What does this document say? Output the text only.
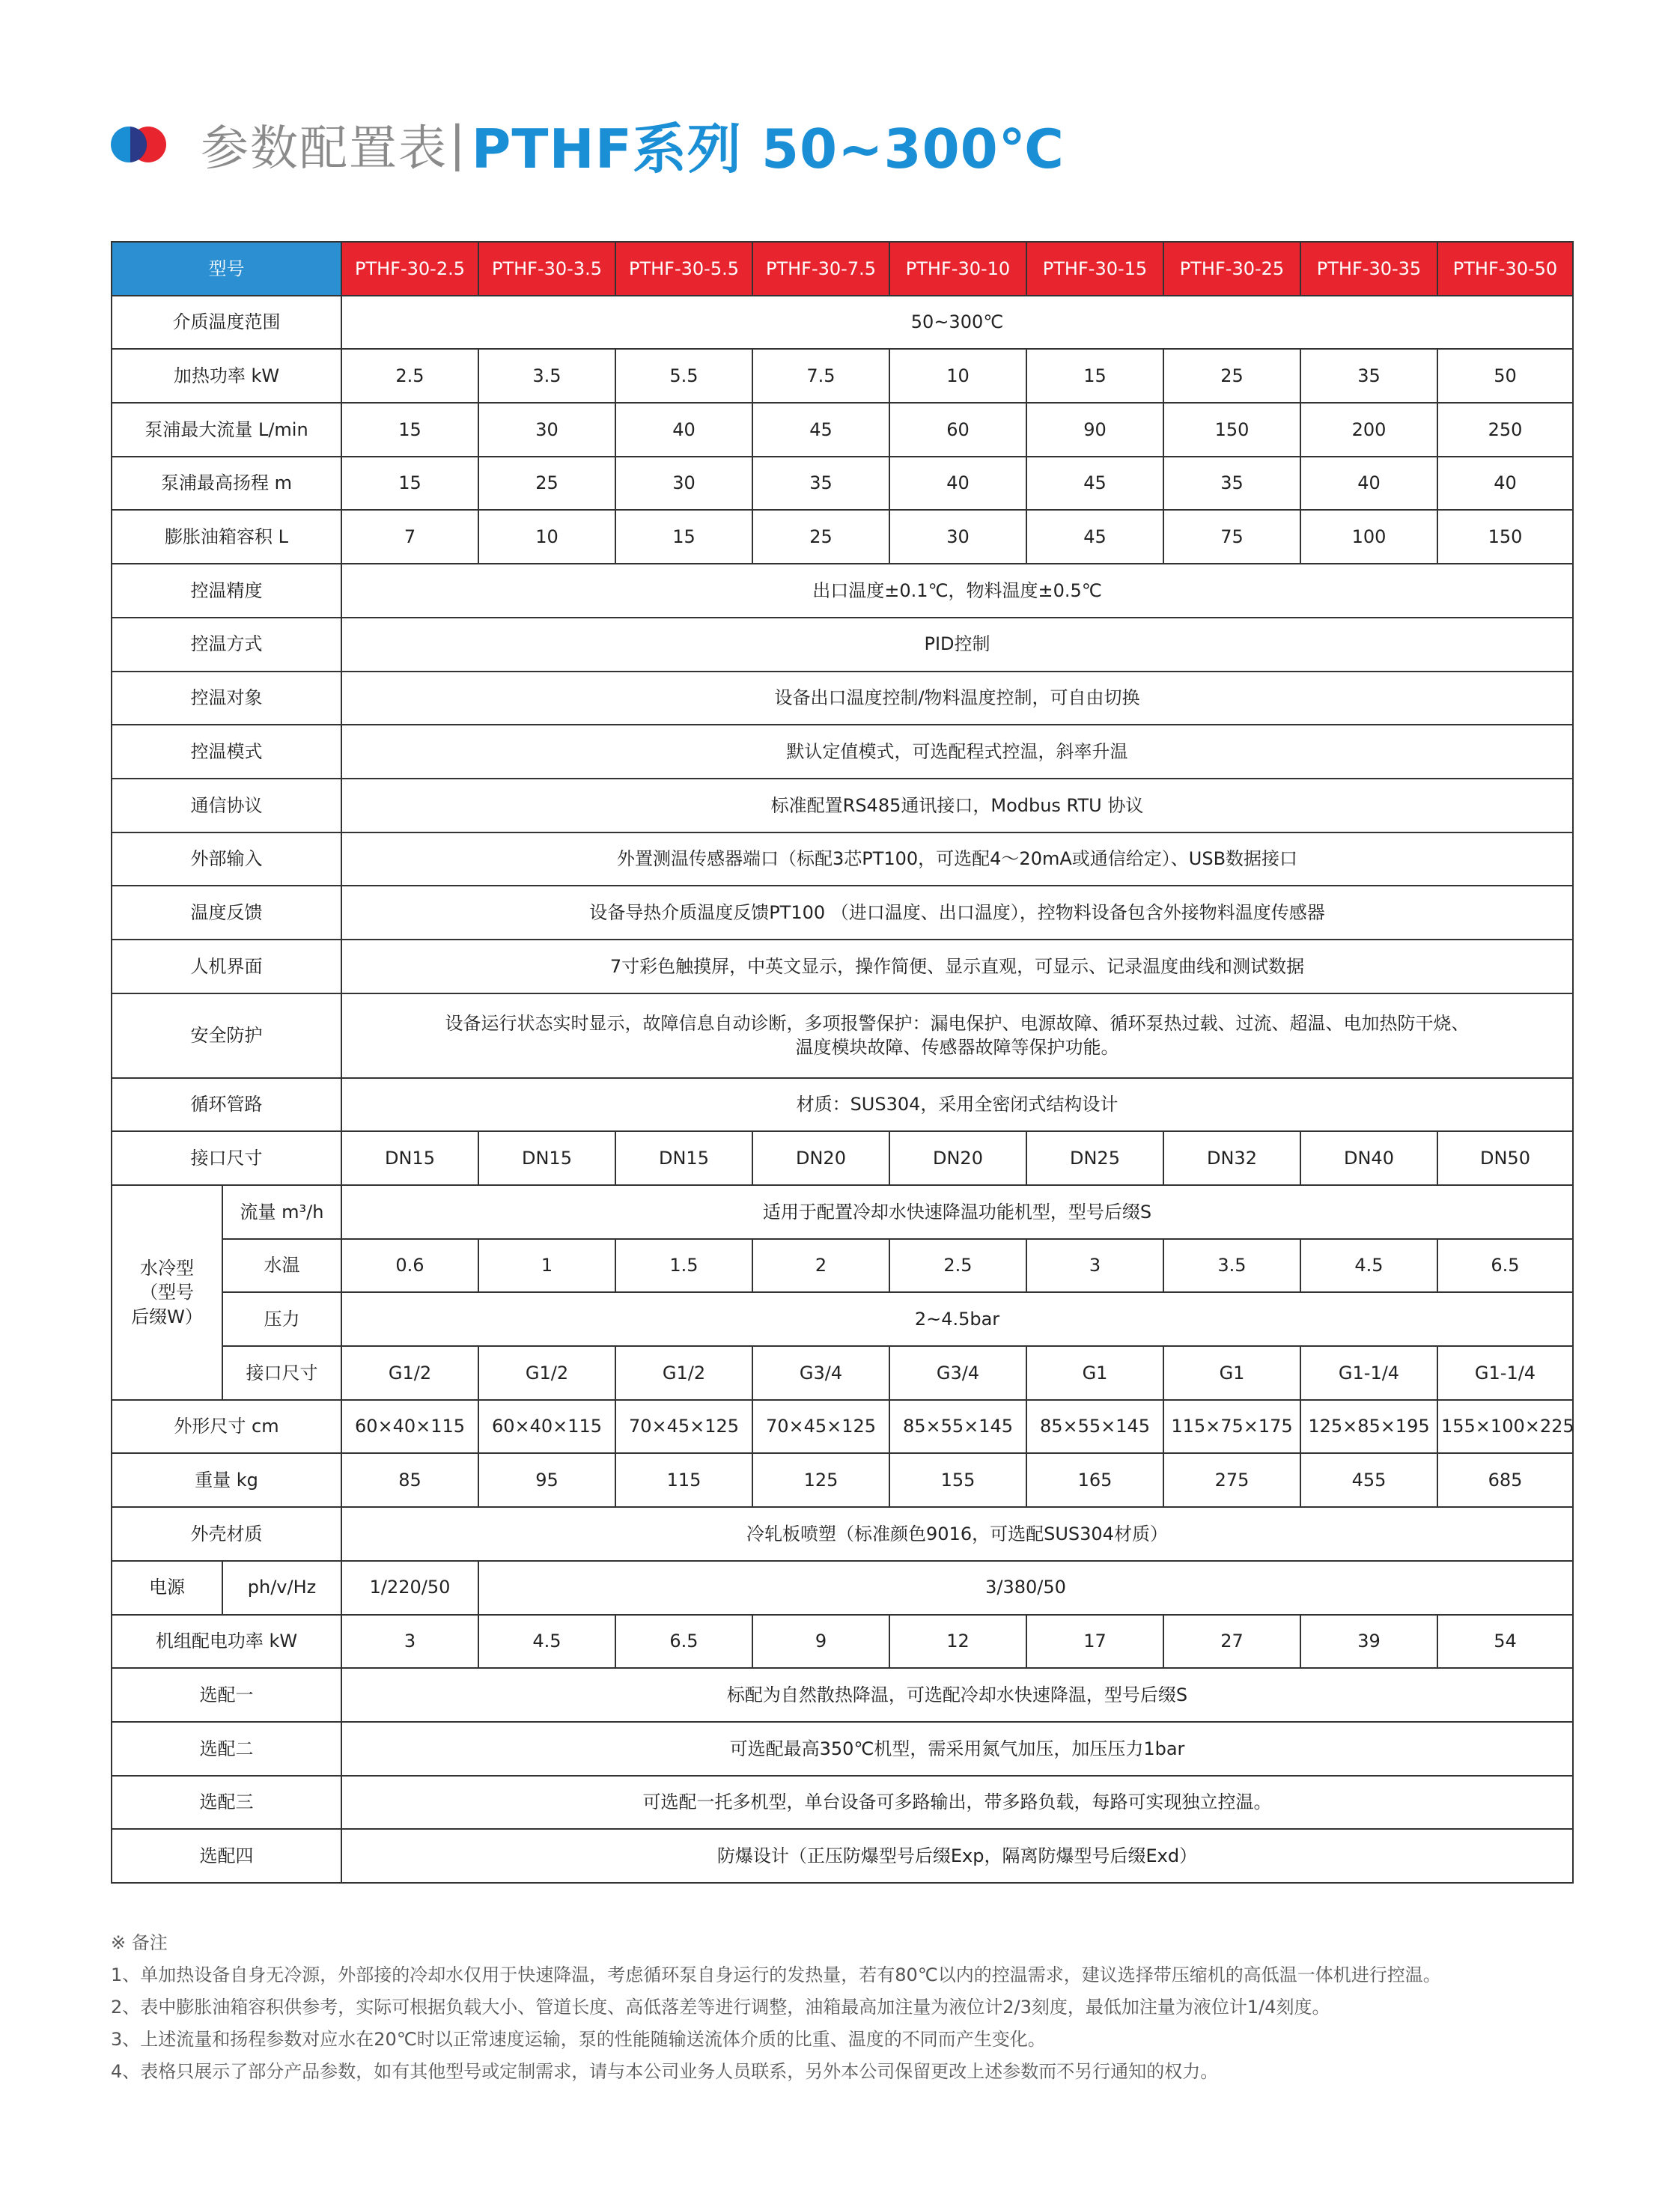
参数配置表 | PTHF系列 50~300℃
型号		PTHF-30-2.5	PTHF-30-3.5	PTHF-30-5.5	PTHF-30-7.5	PTHF-30-10	PTHF-30-15	PTHF-30-25	PTHF-30-35	PTHF-30-50
介质温度范围		50~300℃								
加热功率 kW		2.5	3.5	5.5	7.5	10	15	25	35	50
泵浦最大流量 L/min		15	30	40	45	60	90	150	200	250
泵浦最高扬程 m		15	25	30	35	40	45	35	40	40
膨胀油箱容积 L		7	10	15	25	30	45	75	100	150
控温精度		出口温度±0.1℃，物料温度±0.5℃								
控温方式		PID控制								
控温对象		设备出口温度控制/物料温度控制，可自由切换								
控温模式		默认定值模式，可选配程式控温，斜率升温								
通信协议		标准配置RS485通讯接口，Modbus RTU 协议								
外部输入		外置测温传感器端口（标配3芯PT100，可选配4～20mA或通信给定）、USB数据接口								
温度反馈		设备导热介质温度反馈PT100 （进口温度、出口温度），控物料设备包含外接物料温度传感器								
人机界面		7寸彩色触摸屏，中英文显示，操作简便、显示直观，可显示、记录温度曲线和测试数据								
安全防护		设备运行状态实时显示，故障信息自动诊断，多项报警保护：漏电保护、电源故障、循环泵热过载、过流、超温、电加热防干烧、
温度模块故障、传感器故障等保护功能。								

循环管路		材质：SUS304，采用全密闭式结构设计								
接口尺寸		DN15	DN15	DN15	DN20	DN20	DN25	DN32	DN40	DN50

水冷型
（型号
后缀W）	流量 m³/h	适用于配置冷却水快速降温功能机型，型号后缀S								
	水温	0.6	1	1.5	2	2.5	3	3.5	4.5	6.5
	压力	2~4.5bar								
	接口尺寸	G1/2	G1/2	G1/2	G3/4	G3/4	G1	G1	G1-1/4	G1-1/4
外形尺寸 cm		60×40×115	60×40×115	70×45×125	70×45×125	85×55×145	85×55×145	115×75×175	125×85×195	155×100×225
重量 kg		85	95	115	125	155	165	275	455	685
外壳材质		冷轧板喷塑（标准颜色9016，可选配SUS304材质）								
电源	ph/v/Hz	1/220/50	3/380/50							
机组配电功率 kW		3	4.5	6.5	9	12	17	27	39	54
选配一		标配为自然散热降温，可选配冷却水快速降温，型号后缀S								
选配二		可选配最高350℃机型，需采用氮气加压，加压压力1bar								
选配三		可选配一托多机型，单台设备可多路输出，带多路负载，每路可实现独立控温。								
选配四		防爆设计（正压防爆型号后缀Exp，隔离防爆型号后缀Exd）								
※ 备注
1、单加热设备自身无冷源，外部接的冷却水仅用于快速降温，考虑循环泵自身运行的发热量，若有80℃以内的控温需求，建议选择带压缩机的高低温一体机进行控温。
2、表中膨胀油箱容积供参考，实际可根据负载大小、管道长度、高低落差等进行调整，油箱最高加注量为液位计2/3刻度，最低加注量为液位计1/4刻度。
3、上述流量和扬程参数对应水在20℃时以正常速度运输，泵的性能随输送流体介质的比重、温度的不同而产生变化。
4、表格只展示了部分产品参数，如有其他型号或定制需求，请与本公司业务人员联系，另外本公司保留更改上述参数而不另行通知的权力。
